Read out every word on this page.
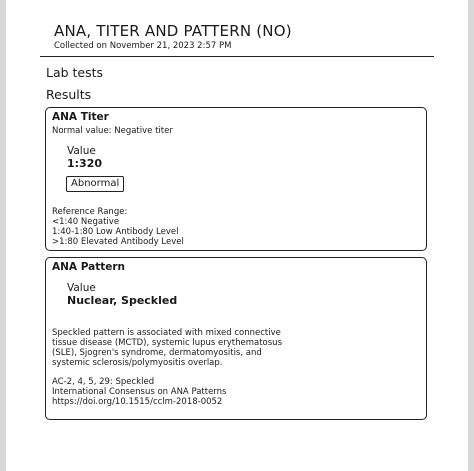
ANA, TITER AND PATTERN (NO)
Collected on November 21, 2023 2:57 PM
Lab tests
Results
ANA Titer
Normal value: Negative titer
Value
1:320
Abnormal
Reference Range:
<1:40 Negative
1:40-1:80 Low Antibody Level
>1:80 Elevated Antibody Level
ANA Pattern
Value
Nuclear, Speckled
Speckled pattern is associated with mixed connective
tissue disease (MCTD), systemic lupus erythematosus
(SLE), Sjogren's syndrome, dermatomyositis, and
systemic sclerosis/polymyositis overlap.
AC-2, 4, 5, 29: Speckled
International Consensus on ANA Patterns
https://doi.org/10.1515/cclm-2018-0052
